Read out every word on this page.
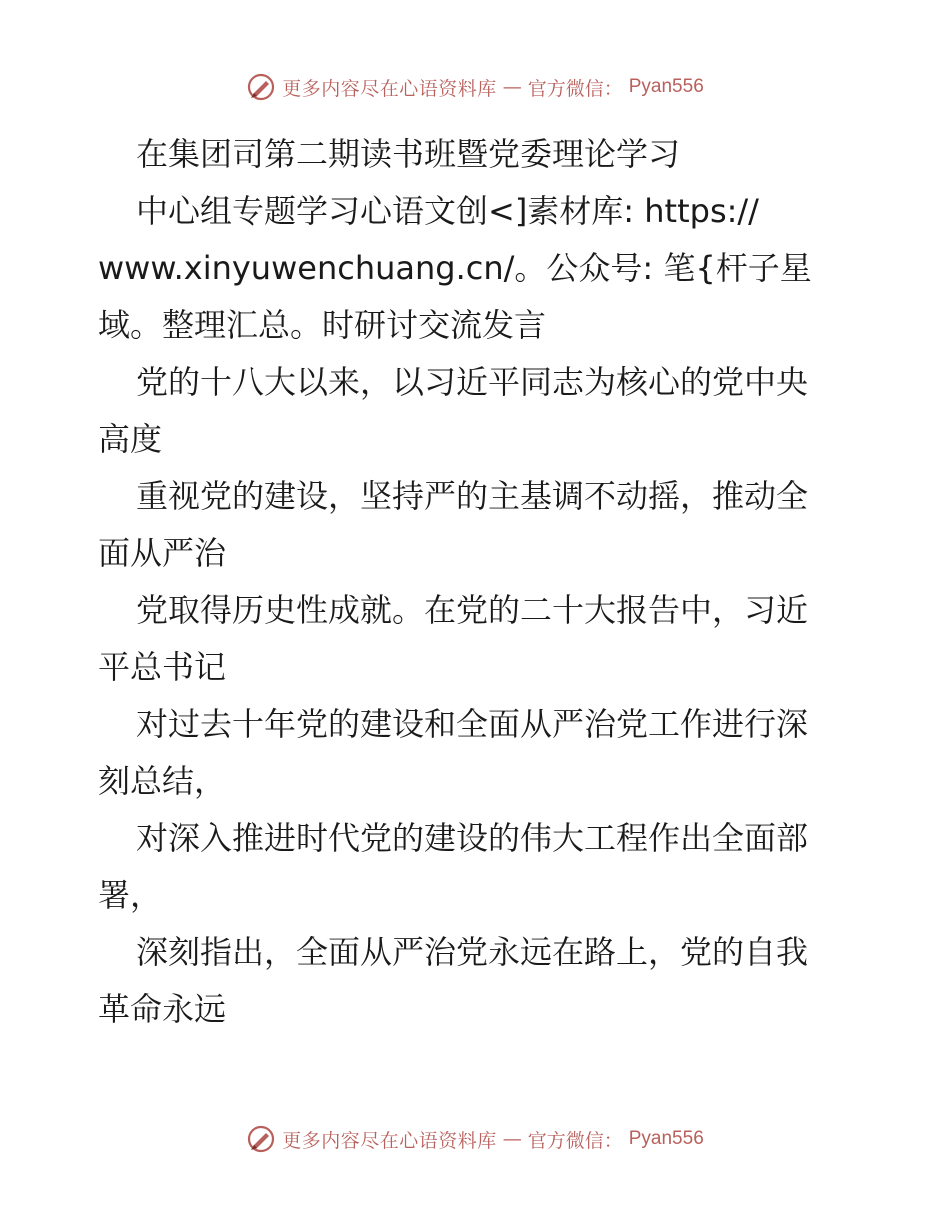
更多内容尽在心语资料库 — 官方微信： Pyan556
在集团司第二期读书班暨党委理论学习
中心组专题学习心语文创<]素材库: https://
www.xinyuwenchuang.cn/。公众号: 笔{杆子星
域。整理汇总。时研讨交流发言
党的十八大以来，以习近平同志为核心的党中央
高度
重视党的建设，坚持严的主基调不动摇，推动全
面从严治
党取得历史性成就。在党的二十大报告中，习近
平总书记
对过去十年党的建设和全面从严治党工作进行深
刻总结，
对深入推进时代党的建设的伟大工程作出全面部
署，
深刻指出，全面从严治党永远在路上，党的自我
革命永远
更多内容尽在心语资料库 — 官方微信： Pyan556
